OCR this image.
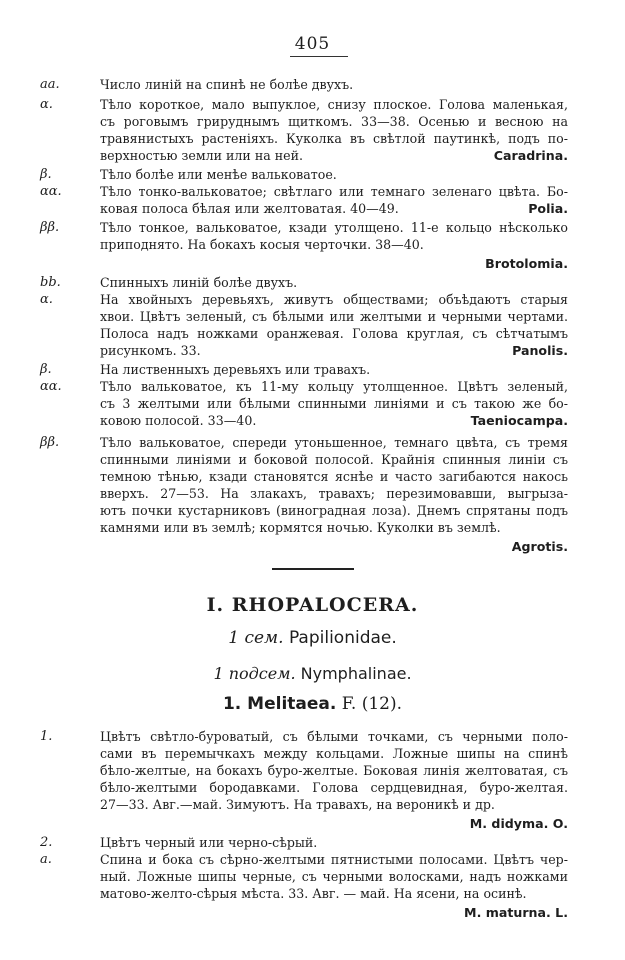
405
aa.	Число линій на спинѣ не болѣе двухъ.
α.	Тѣло короткое, мало выпуклое, снизу плоское. Голова маленькая,
съ роговымъ грируднымъ щиткомъ. 33—38. Осенью и весною на
травянистыхъ растеніяхъ. Куколка въ свѣтлой паутинкѣ, подъ по-
верхностью земли или на ней.	Caradrina.
β.	Тѣло болѣе или менѣе вальковатое.
αα.	Тѣло тонко-вальковатое; свѣтлаго или темнаго зеленаго цвѣта. Бо-
ковая полоса бѣлая или желтоватая. 40—49.	Polia.
ββ.	Тѣло тонкое, вальковатое, кзади утолщено. 11-е кольцо нѣсколько
приподнято. На бокахъ косыя черточки. 38—40.
Brotolomia.
bb.	Спинныхъ линій болѣе двухъ.
α.	На хвойныхъ деревьяхъ, живутъ обществами; объѣдаютъ старыя
хвои. Цвѣтъ зеленый, съ бѣлыми или желтыми и черными чертами.
Полоса надъ ножками оранжевая. Голова круглая, съ сѣтчатымъ
рисункомъ. 33.	Panolis.
β.	На лиственныхъ деревьяхъ или травахъ.
αα.	Тѣло вальковатое, къ 11-му кольцу утолщенное. Цвѣтъ зеленый,
съ 3 желтыми или бѣлыми спинными линіями и съ такою же бо-
ковою полосой. 33—40.	Taeniocampa.
ββ.	Тѣло вальковатое, спереди утоньшенное, темнаго цвѣта, съ тремя
спинными линіями и боковой полосой. Крайнія спинныя линіи съ
темною тѣнью, кзади становятся яснѣе и часто загибаются накось
вверхъ. 27—53. На злакахъ, травахъ; перезимовавши, выгрыза-
ютъ почки кустарниковъ (виноградная лоза). Днемъ спрятаны подъ
камнями или въ землѣ; кормятся ночью. Куколки въ землѣ.
Agrotis.
I. RHOPALOCERA.
1 сем. Papilionidae.
1 подсем. Nymphalinae.
1. Melitaea. F. (12).
1.	Цвѣтъ свѣтло-буроватый, съ бѣлыми точками, съ черными поло-
сами въ перемычкахъ между кольцами. Ложные шипы на спинѣ
бѣло-желтые, на бокахъ буро-желтые. Боковая линія желтоватая, съ
бѣло-желтыми бородавками. Голова сердцевидная, буро-желтая.
27—33. Авг.—май. Зимуютъ. На травахъ, на вероникѣ и др.
M. didyma. O.
2.	Цвѣтъ черный или черно-сѣрый.
a.	Спина и бока съ сѣрно-желтыми пятнистыми полосами. Цвѣтъ чер-
ный. Ложные шипы черные, съ черными волосками, надъ ножками
матово-желто-сѣрыя мѣста. 33. Авг. — май. На ясени, на осинѣ.
M. maturna. L.
